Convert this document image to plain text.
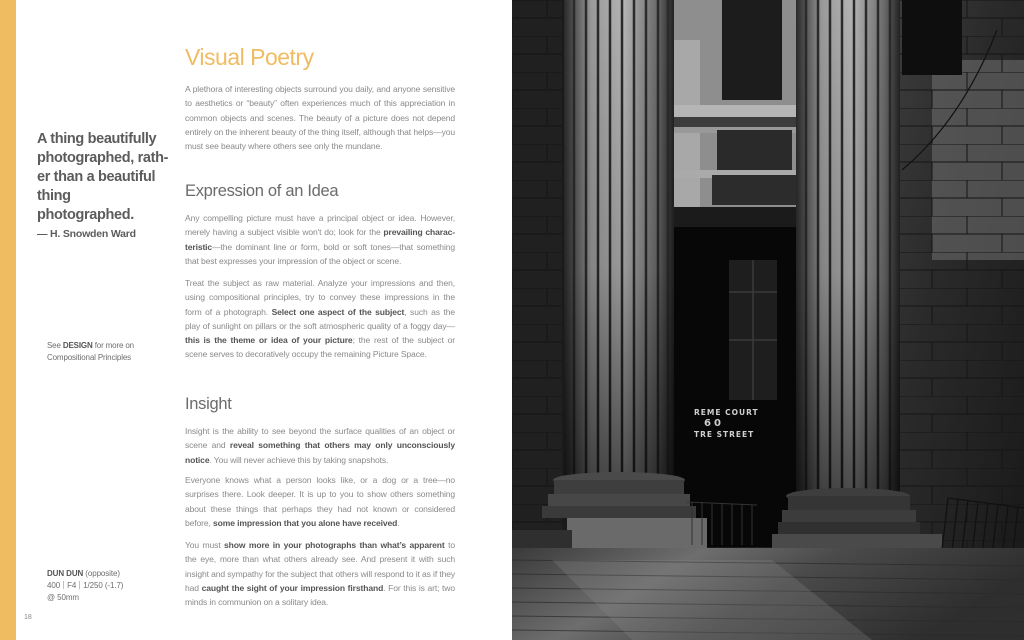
A thing beautifully photographed, rath-er than a beautiful thing photographed.
— H. Snowden Ward
See DESIGN for more on Compositional Principles
DUN DUN (opposite)
400 F4 1/250 (-1.7)
@ 50mm
18
Visual Poetry

A plethora of interesting objects surround you daily, and anyone sensitive to aesthetics or “beauty” often experiences much of this appreciation in common objects and scenes. The beauty of a picture does not depend entirely on the inherent beauty of the thing itself, although that helps—you must see beauty where others see only the mundane.

Expression of an Idea

Any compelling picture must have a principal object or idea. However, merely having a subject visible won't do; look for the prevailing charac-teristic—the dominant line or form, bold or soft tones—that something that best expresses your impression of the object or scene.

Treat the subject as raw material. Analyze your impressions and then, using compositional principles, try to convey these impressions in the form of a photograph. Select one aspect of the subject, such as the play of sunlight on pillars or the soft atmospheric quality of a foggy day—this is the theme or idea of your picture; the rest of the subject or scene serves to decoratively occupy the remaining Picture Space.

Insight

Insight is the ability to see beyond the surface qualities of an object or scene and reveal something that others may only unconsciously notice. You will never achieve this by taking snapshots.

Everyone knows what a person looks like, or a dog or a tree—no surprises there. Look deeper. It is up to you to show others something about these things that perhaps they had not known or considered before, some impression that you alone have received.

You must show more in your photographs than what’s apparent to the eye, more than what others already see. And present it with such insight and sympathy for the subject that others will respond to it as if they had caught the sight of your impression firsthand. For this is art; two minds in communion on a solitary idea.

REME COURT
60
TRE STREET
